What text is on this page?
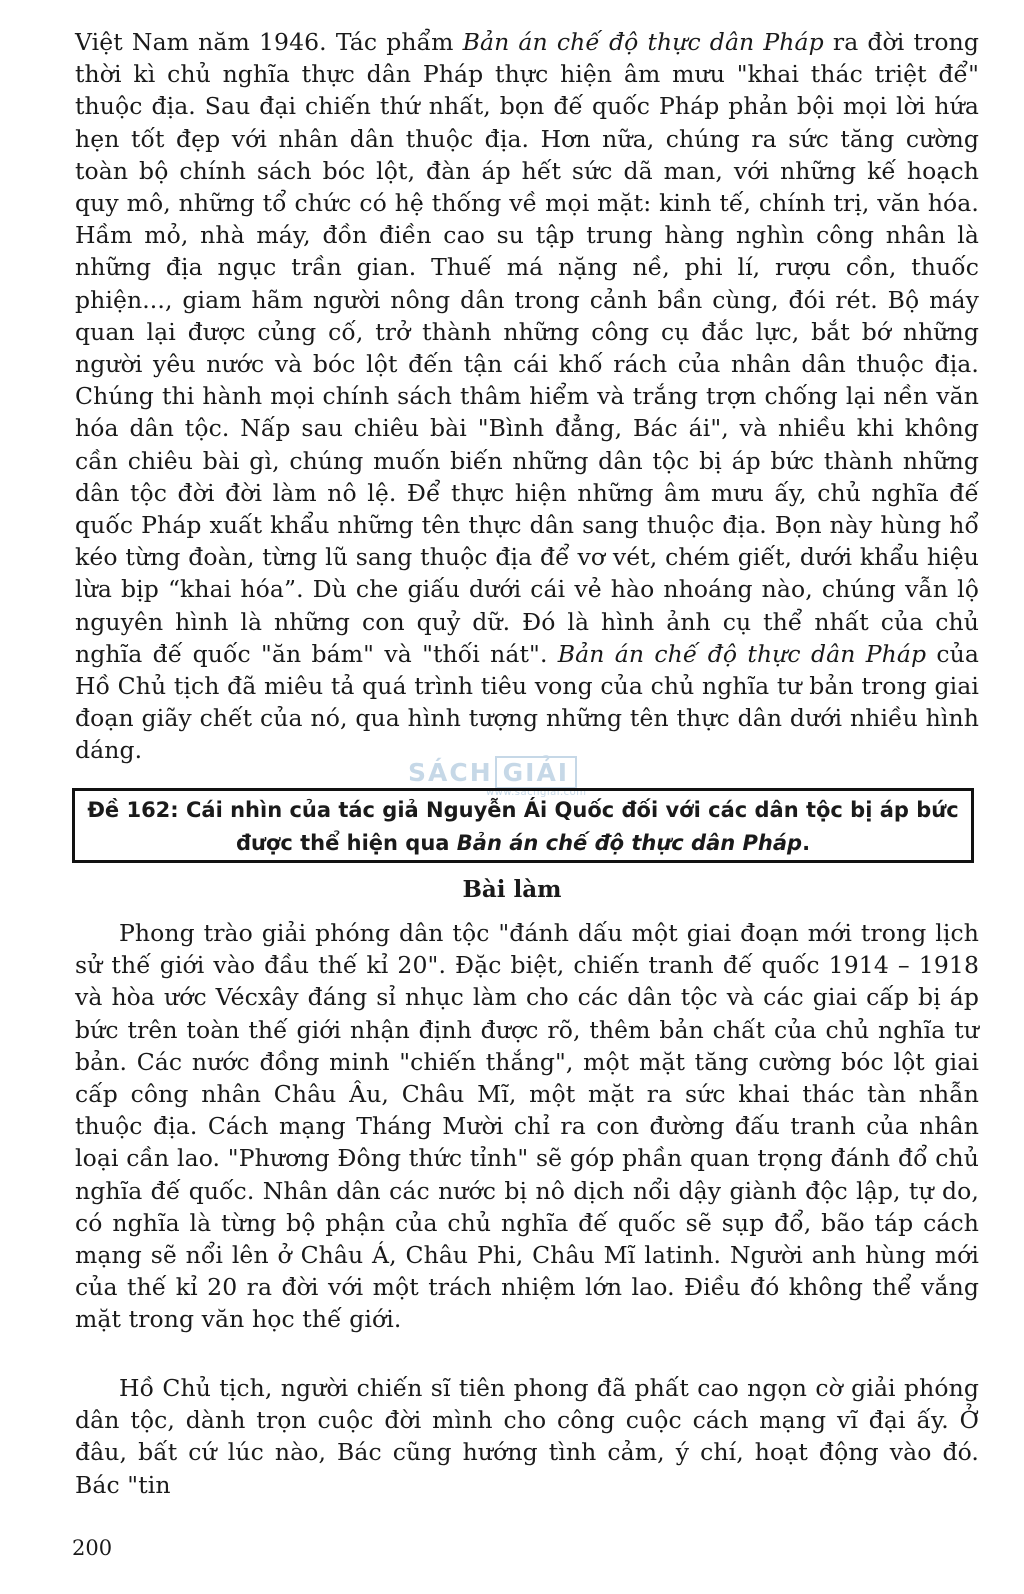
Việt Nam năm 1946. Tác phẩm Bản án chế độ thực dân Pháp ra đời trong thời kì chủ nghĩa thực dân Pháp thực hiện âm mưu "khai thác triệt để" thuộc địa. Sau đại chiến thứ nhất, bọn đế quốc Pháp phản bội mọi lời hứa hẹn tốt đẹp với nhân dân thuộc địa. Hơn nữa, chúng ra sức tăng cường toàn bộ chính sách bóc lột, đàn áp hết sức dã man, với những kế hoạch quy mô, những tổ chức có hệ thống về mọi mặt: kinh tế, chính trị, văn hóa. Hầm mỏ, nhà máy, đồn điền cao su tập trung hàng nghìn công nhân là những địa ngục trần gian. Thuế má nặng nề, phi lí, rượu cồn, thuốc phiện..., giam hãm người nông dân trong cảnh bần cùng, đói rét. Bộ máy quan lại được củng cố, trở thành những công cụ đắc lực, bắt bớ những người yêu nước và bóc lột đến tận cái khố rách của nhân dân thuộc địa. Chúng thi hành mọi chính sách thâm hiểm và trắng trợn chống lại nền văn hóa dân tộc. Nấp sau chiêu bài "Bình đẳng, Bác ái", và nhiều khi không cần chiêu bài gì, chúng muốn biến những dân tộc bị áp bức thành những dân tộc đời đời làm nô lệ. Để thực hiện những âm mưu ấy, chủ nghĩa đế quốc Pháp xuất khẩu những tên thực dân sang thuộc địa. Bọn này hùng hổ kéo từng đoàn, từng lũ sang thuộc địa để vơ vét, chém giết, dưới khẩu hiệu lừa bịp “khai hóa”. Dù che giấu dưới cái vẻ hào nhoáng nào, chúng vẫn lộ nguyên hình là những con quỷ dữ. Đó là hình ảnh cụ thể nhất của chủ nghĩa đế quốc "ăn bám" và "thối nát". Bản án chế độ thực dân Pháp của Hồ Chủ tịch đã miêu tả quá trình tiêu vong của chủ nghĩa tư bản trong giai đoạn giãy chết của nó, qua hình tượng những tên thực dân dưới nhiều hình dáng.

SÁCH GIẢI
www.sachgiai.com
Đề 162: Cái nhìn của tác giả Nguyễn Ái Quốc đối với các dân tộc bị áp bức được thể hiện qua Bản án chế độ thực dân Pháp.
Bài làm

Phong trào giải phóng dân tộc "đánh dấu một giai đoạn mới trong lịch sử thế giới vào đầu thế kỉ 20". Đặc biệt, chiến tranh đế quốc 1914 – 1918 và hòa ước Vécxây đáng sỉ nhục làm cho các dân tộc và các giai cấp bị áp bức trên toàn thế giới nhận định được rõ, thêm bản chất của chủ nghĩa tư bản. Các nước đồng minh "chiến thắng", một mặt tăng cường bóc lột giai cấp công nhân Châu Âu, Châu Mĩ, một mặt ra sức khai thác tàn nhẫn thuộc địa. Cách mạng Tháng Mười chỉ ra con đường đấu tranh của nhân loại cần lao. "Phương Đông thức tỉnh" sẽ góp phần quan trọng đánh đổ chủ nghĩa đế quốc. Nhân dân các nước bị nô dịch nổi dậy giành độc lập, tự do, có nghĩa là từng bộ phận của chủ nghĩa đế quốc sẽ sụp đổ, bão táp cách mạng sẽ nổi lên ở Châu Á, Châu Phi, Châu Mĩ latinh. Người anh hùng mới của thế kỉ 20 ra đời với một trách nhiệm lớn lao. Điều đó không thể vắng mặt trong văn học thế giới.

Hồ Chủ tịch, người chiến sĩ tiên phong đã phất cao ngọn cờ giải phóng dân tộc, dành trọn cuộc đời mình cho công cuộc cách mạng vĩ đại ấy. Ở đâu, bất cứ lúc nào, Bác cũng hướng tình cảm, ý chí, hoạt động vào đó. Bác "tin

200
